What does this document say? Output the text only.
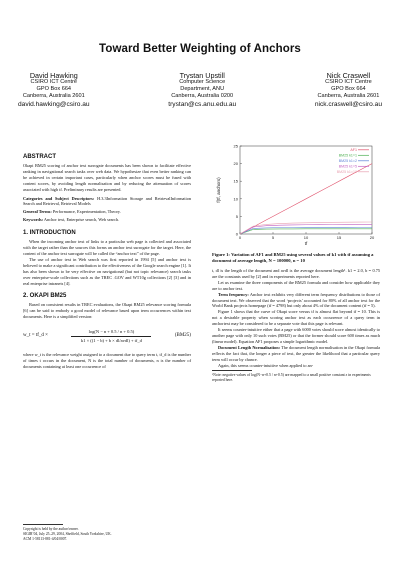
Toward Better Weighting of Anchors
David Hawking
CSIRO ICT Centre
GPO Box 664
Canberra, Australia 2601
david.hawking@csiro.au
Trystan Upstill
Computer Science
Department, ANU
Canberra, Australia 0200
trystan@cs.anu.edu.au
Nick Craswell
CSIRO ICT Centre
GPO Box 664
Canberra, Australia 2601
nick.craswell@csiro.au
ABSTRACT

Okapi BM25 scoring of anchor text surrogate documents has been shown to facilitate effective ranking in navigational search tasks over web data. We hypothesize that even better ranking can be achieved in certain important cases, particularly when anchor scores must be fused with content scores, by avoiding length normalisation and by reducing the attenuation of scores associated with high tf. Preliminary results are presented.

Categories and Subject Descriptors: H.3.3Information Storage and RetrievalInformation Search and Retrieval, Retrieval Models

General Terms: Performance, Experimentation, Theory.

Keywords: Anchor text, Enterprise search, Web search.

1. INTRODUCTION

When the incoming anchor text of links to a particular web page is collected and associated with the target rather than the sources this forms an anchor text surrogate for the target. Here, the content of the anchor text surrogate will be called the “anchor text” of the page.

The use of anchor text in Web search was first reported in 1994 [5] and anchor text is believed to make a significant contribution to the effectiveness of the Google search engine [1]. It has also been shown to be very effective on navigational (but not topic relevance) search tasks over enterprise-scale collections such as the TREC .GOV and WT10g collections [2] [3] and in real enterprise intranets [4].

2. OKAPI BM25

Based on consistent results in TREC evaluations, the Okapi BM25 relevance scoring formula [6] can be said to embody a good model of relevance based upon term occurrences within text documents. Here is a simplified version:

w_t = tf_d ×	$\frac{\log(N - n + 0.5 / n + 0.5)}{\text{k1 × ((1 − b) + b × dl/avdl) + tf\_d}}$	(BM25)

where w_t is the relevance weight assigned to a document due to query term t, tf_d is the number of times t occurs in the document, N is the total number of documents, n is the number of documents containing at least one occurrence of

Copyright is held by the author/owner.
SIGIR’04, July 25–29, 2004, Sheffield, South Yorkshire, UK.
ACM 1-58113-881-4/04/0007.
0
5
10
15
20
25
0	5	10	15	20
tf
f(tf, anchors)
AF1
BM25 k1=1
BM25 k1=2
BM25 k1=5
BM25 k1=10
Figure 1: Variation of AF1 and BM25 using several values of k1 with tf assuming a document of average length, N = 100000, n = 10

t, dl is the length of the document and avdl is the average document length¹. k1 = 2.0, b = 0.75 are the constants used by [2] and in experiments reported here.

Let us examine the three components of the BM25 formula and consider how applicable they are to anchor text.

Term frequency: Anchor text exhibits very different term frequency distributions to those of document text. We observed that the word ‘projects’ accounted for 80% of all anchor text for the World Bank projects homepage (tf = 4798) but only about 4% of the document content (tf = 5).

Figure 1 shows that the curve of Okapi score versus tf is almost flat beyond tf = 10. This is not a desirable property when scoring anchor text as each occurrence of a query term in anchortext may be considered to be a separate vote that this page is relevant.

It seems counter-intuitive either that a page with 6000 votes should score almost identically to another page with only 10 such votes (BM25) or that the former should score 600 times as much (linear model). Equation AF1 proposes a simple logarithmic model.

Document Length Normalisation: The document length normalisation in the Okapi formula reflects the fact that, the longer a piece of text, the greater the likelihood that a particular query term will occur by chance.

Again, this seems counter-intuitive when applied to an-

¹Note: negative values of log(N−n+0.5 / n+0.5) are mapped to a small positive constant ε in experiments reported here.
